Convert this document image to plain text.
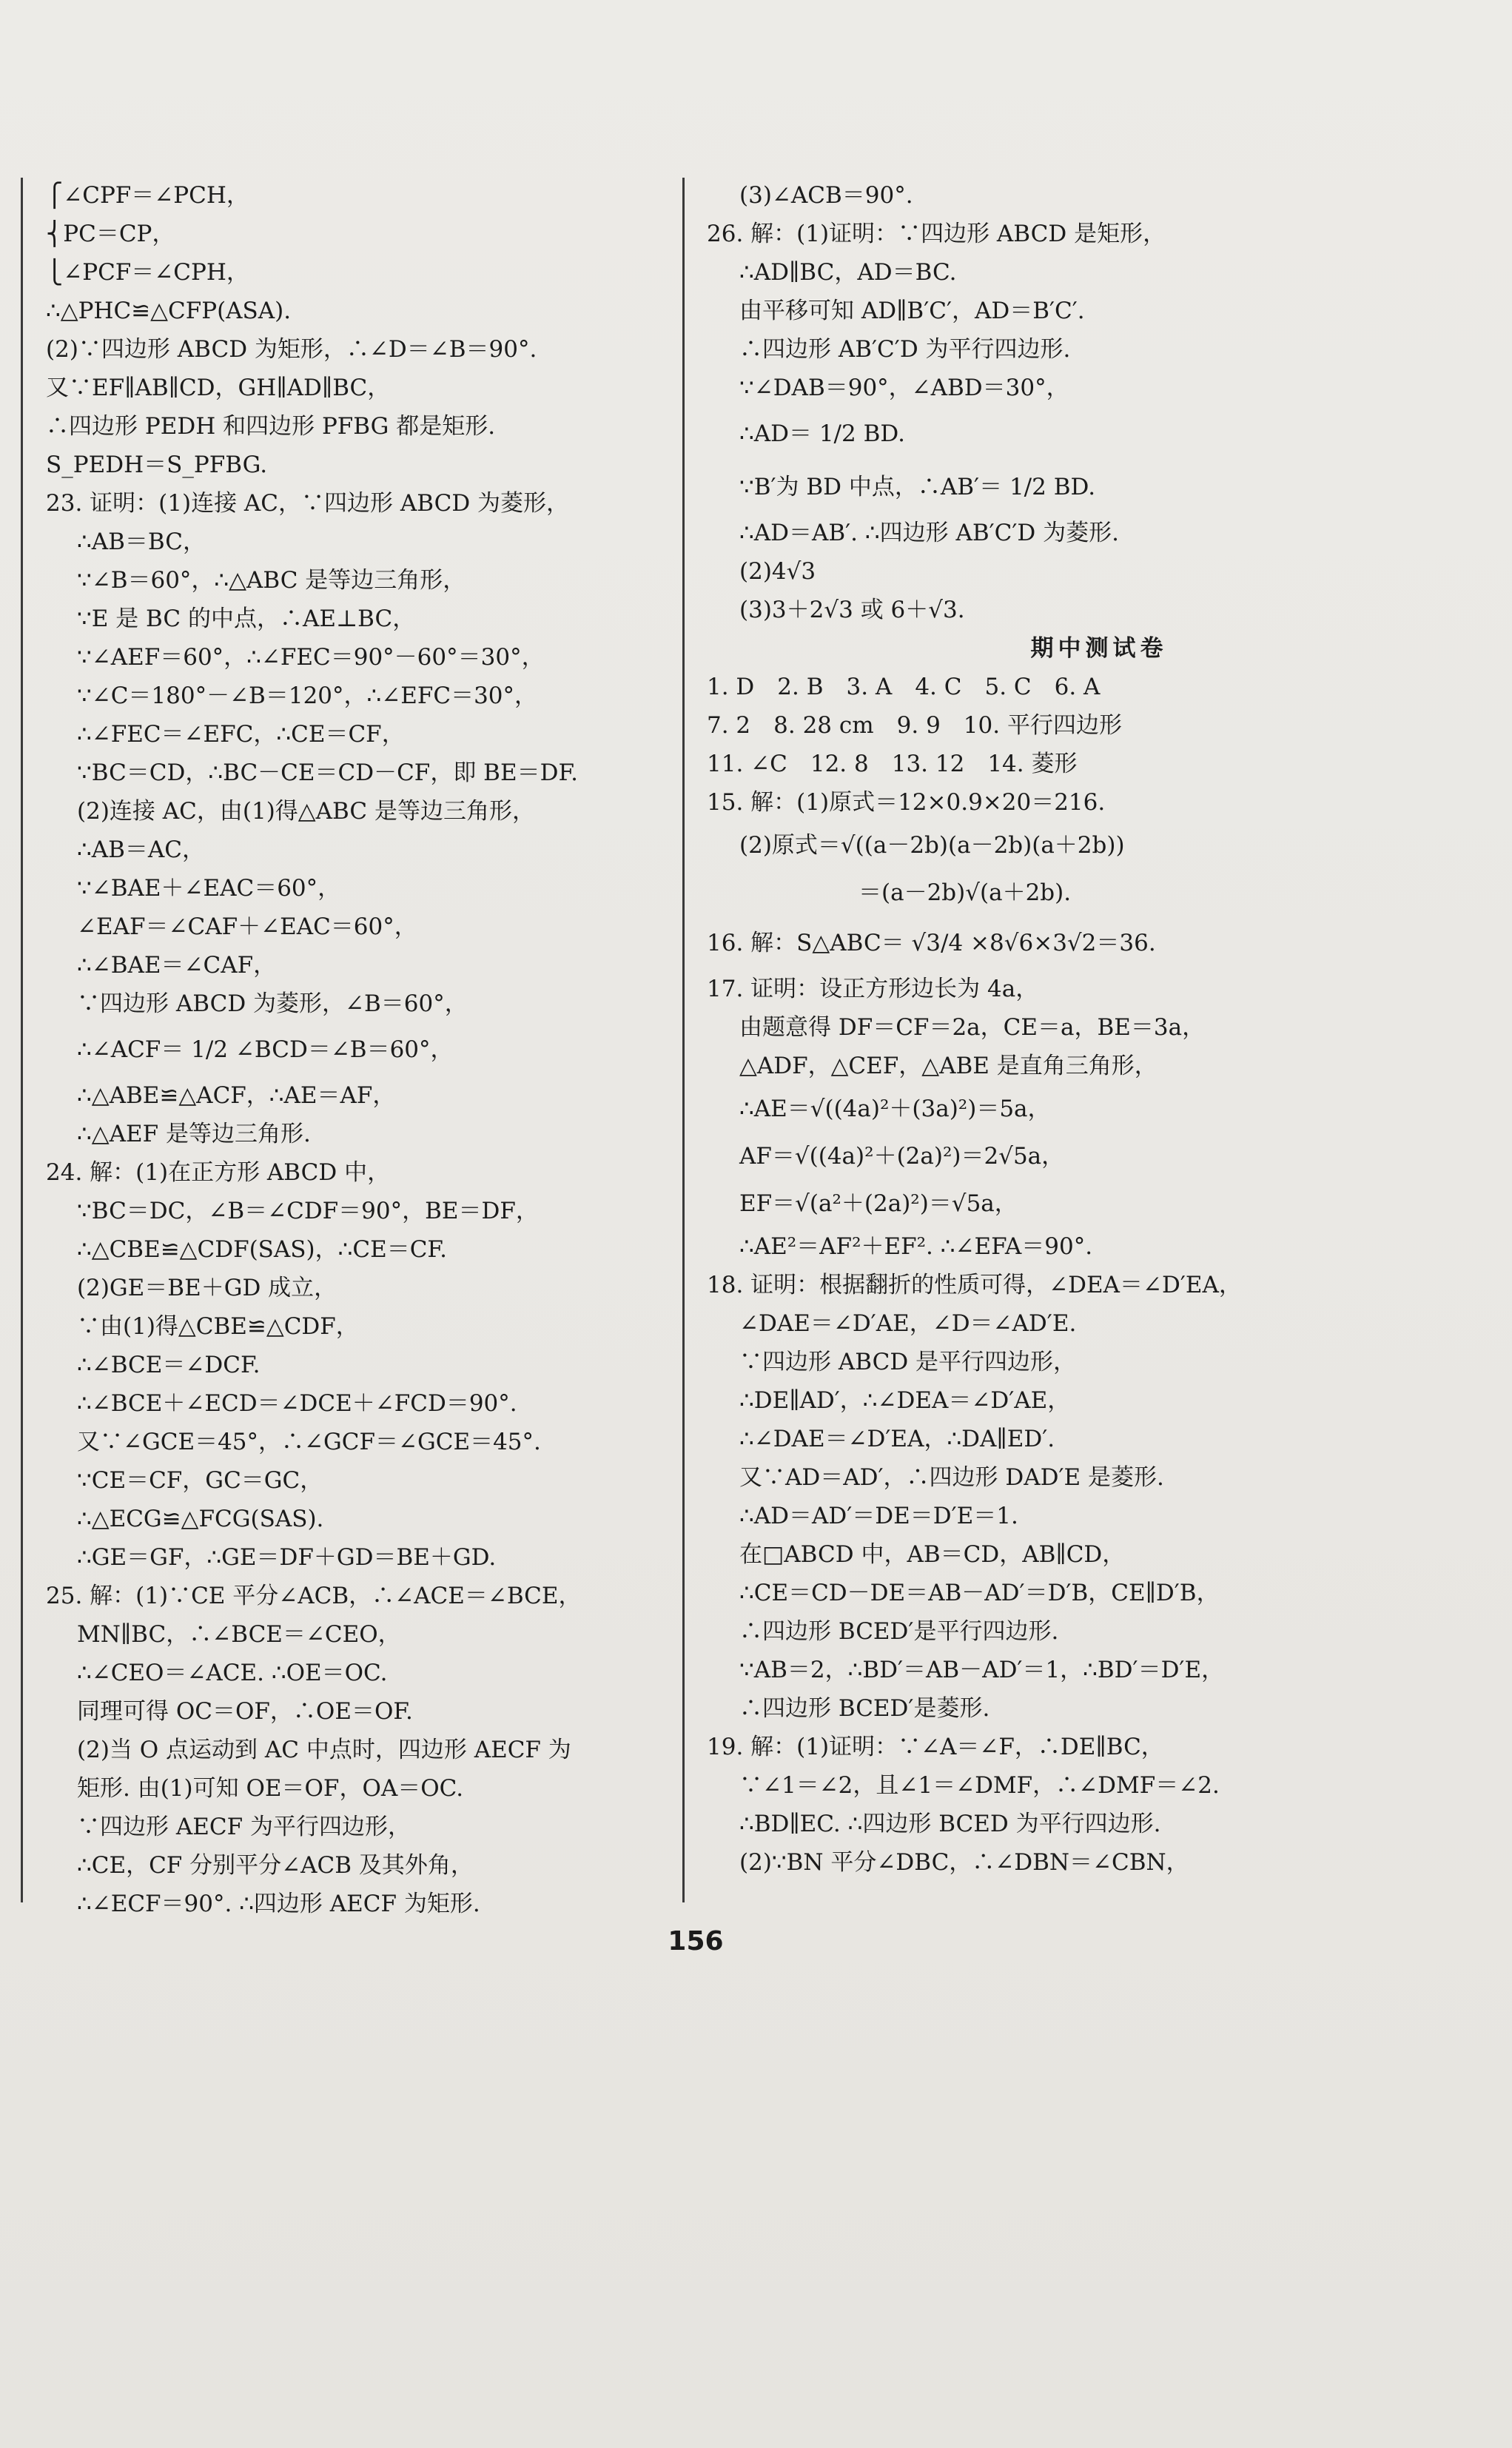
⎧∠CPF＝∠PCH，
⎨PC＝CP，
⎩∠PCF＝∠CPH，
∴△PHC≌△CFP(ASA).
(2)∵四边形 ABCD 为矩形，∴∠D＝∠B＝90°.
又∵EF∥AB∥CD，GH∥AD∥BC，
∴四边形 PEDH 和四边形 PFBG 都是矩形.
S_PEDH＝S_PFBG.
23. 证明：(1)连接 AC，∵四边形 ABCD 为菱形，
∴AB＝BC，
∵∠B＝60°，∴△ABC 是等边三角形，
∵E 是 BC 的中点，∴AE⊥BC，
∵∠AEF＝60°，∴∠FEC＝90°－60°＝30°，
∵∠C＝180°－∠B＝120°，∴∠EFC＝30°，
∴∠FEC＝∠EFC，∴CE＝CF，
∵BC＝CD，∴BC－CE＝CD－CF，即 BE＝DF.
(2)连接 AC，由(1)得△ABC 是等边三角形，
∴AB＝AC，
∵∠BAE＋∠EAC＝60°，
∠EAF＝∠CAF＋∠EAC＝60°，
∴∠BAE＝∠CAF，
∵四边形 ABCD 为菱形，∠B＝60°，
∴∠ACF＝ 1/2 ∠BCD＝∠B＝60°，
∴△ABE≌△ACF，∴AE＝AF，
∴△AEF 是等边三角形.
24. 解：(1)在正方形 ABCD 中，
∵BC＝DC，∠B＝∠CDF＝90°，BE＝DF，
∴△CBE≌△CDF(SAS)，∴CE＝CF.
(2)GE＝BE＋GD 成立，
∵由(1)得△CBE≌△CDF，
∴∠BCE＝∠DCF.
∴∠BCE＋∠ECD＝∠DCE＋∠FCD＝90°.
又∵∠GCE＝45°，∴∠GCF＝∠GCE＝45°.
∵CE＝CF，GC＝GC，
∴△ECG≌△FCG(SAS).
∴GE＝GF，∴GE＝DF＋GD＝BE＋GD.
25. 解：(1)∵CE 平分∠ACB，∴∠ACE＝∠BCE，
MN∥BC，∴∠BCE＝∠CEO，
∴∠CEO＝∠ACE. ∴OE＝OC.
同理可得 OC＝OF，∴OE＝OF.
(2)当 O 点运动到 AC 中点时，四边形 AECF 为
矩形. 由(1)可知 OE＝OF，OA＝OC.
∵四边形 AECF 为平行四边形，
∴CE，CF 分别平分∠ACB 及其外角，
∴∠ECF＝90°. ∴四边形 AECF 为矩形.
(3)∠ACB＝90°.
26. 解：(1)证明：∵四边形 ABCD 是矩形，
∴AD∥BC，AD＝BC.
由平移可知 AD∥B′C′，AD＝B′C′.
∴四边形 AB′C′D 为平行四边形.
∵∠DAB＝90°，∠ABD＝30°，
∴AD＝ 1/2 BD.
∵B′为 BD 中点，∴AB′＝ 1/2 BD.
∴AD＝AB′. ∴四边形 AB′C′D 为菱形.
(2)4√3
(3)3＋2√3 或 6＋√3.
期中测试卷
1. D　2. B　3. A　4. C　5. C　6. A
7. 2　8. 28 cm　9. 9　10. 平行四边形
11. ∠C　12. 8　13. 12　14. 菱形
15. 解：(1)原式＝12×0.9×20＝216.
(2)原式＝√((a－2b)(a－2b)(a＋2b))
＝(a－2b)√(a＋2b).
16. 解：S△ABC＝ √3/4 ×8√6×3√2＝36.
17. 证明：设正方形边长为 4a，
由题意得 DF＝CF＝2a，CE＝a，BE＝3a，
△ADF，△CEF，△ABE 是直角三角形，
∴AE＝√((4a)²＋(3a)²)＝5a，
AF＝√((4a)²＋(2a)²)＝2√5a，
EF＝√(a²＋(2a)²)＝√5a，
∴AE²＝AF²＋EF². ∴∠EFA＝90°.
18. 证明：根据翻折的性质可得，∠DEA＝∠D′EA，
∠DAE＝∠D′AE，∠D＝∠AD′E.
∵四边形 ABCD 是平行四边形，
∴DE∥AD′，∴∠DEA＝∠D′AE，
∴∠DAE＝∠D′EA，∴DA∥ED′.
又∵AD＝AD′，∴四边形 DAD′E 是菱形.
∴AD＝AD′＝DE＝D′E＝1.
在□ABCD 中，AB＝CD，AB∥CD，
∴CE＝CD－DE＝AB－AD′＝D′B，CE∥D′B，
∴四边形 BCED′是平行四边形.
∵AB＝2，∴BD′＝AB－AD′＝1，∴BD′＝D′E，
∴四边形 BCED′是菱形.
19. 解：(1)证明：∵∠A＝∠F，∴DE∥BC，
∵∠1＝∠2，且∠1＝∠DMF，∴∠DMF＝∠2.
∴BD∥EC. ∴四边形 BCED 为平行四边形.
(2)∵BN 平分∠DBC，∴∠DBN＝∠CBN，
156
